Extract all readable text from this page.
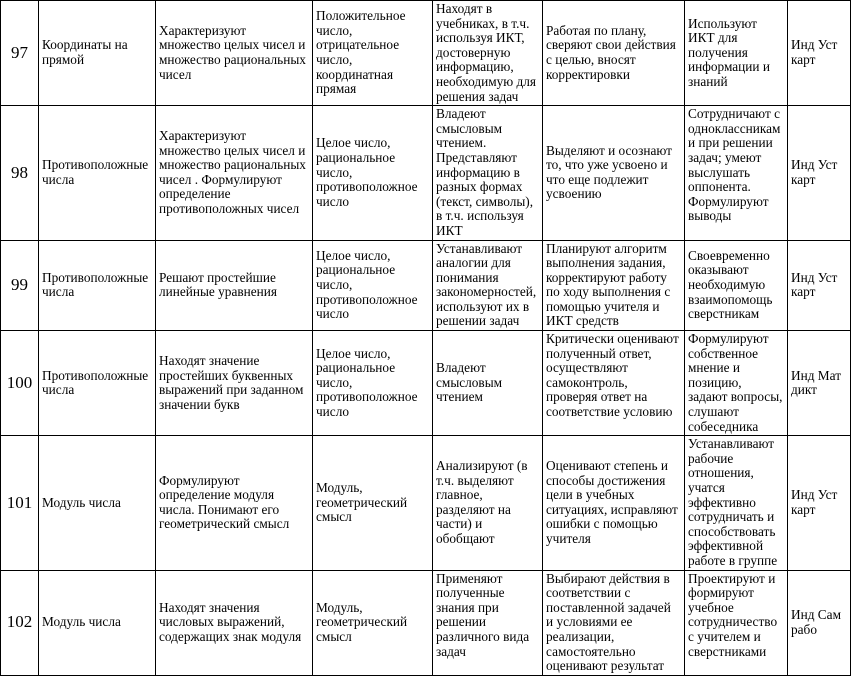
97	Координаты на прямой	Характеризуют множество целых чисел и множество рациональных чисел	Положительное число, отрицательное число, координатная прямая	Находят в учебниках, в т.ч. используя ИКТ, достоверную информацию, необходимую для решения задач	Работая по плану, сверяют свои действия с целью, вносят корректировки	Используют ИКТ для получения информации и знаний	Инд Уст карт
98	Противоположные числа	Характеризуют множество целых чисел и множество рациональных чисел . Формулируют определение противоположных чисел	Целое число, рациональное число, противоположное число	Владеют смысловым чтением. Представляют информацию в разных формах (текст, символы), в т.ч. используя ИКТ	Выделяют и осознают то, что уже усвоено и что еще подлежит усвоению	Сотрудничают с одноклассниками при решении задач; умеют выслушать оппонента. Формулируют выводы	Инд Уст карт
99	Противоположные числа	Решают простейшие линейные уравнения	Целое число, рациональное число, противоположное число	Устанавливают аналогии для понимания закономерностей, используют их в решении задач	Планируют алгоритм выполнения задания, корректируют работу по ходу выполнения с помощью учителя и ИКТ средств	Своевременно оказывают необходимую взаимопомощь сверстникам	Инд Уст карт
100	Противоположные числа	Находят значение простейших буквенных выражений при заданном значении букв	Целое число, рациональное число, противоположное число	Владеют смысловым чтением	Критически оценивают полученный ответ, осуществляют самоконтроль, проверяя ответ на соответствие условию	Формулируют собственное мнение и позицию, задают вопросы, слушают собеседника	Инд Мат дикт
101	Модуль числа	Формулируют определение модуля числа. Понимают его геометрический смысл	Модуль, геометрический смысл	Анализируют (в т.ч. выделяют главное, разделяют на части) и обобщают	Оценивают степень и способы достижения цели в учебных ситуациях, исправляют ошибки с помощью учителя	Устанавливают рабочие отношения, учатся эффективно сотрудничать и способствовать эффективной работе в группе	Инд Уст карт
102	Модуль числа	Находят значения числовых выражений, содержащих знак модуля	Модуль, геометрический смысл	Применяют полученные знания при решении различного вида задач	Выбирают действия в соответствии с поставленной задачей и условиями ее реализации, самостоятельно оценивают результат	Проектируют и формируют учебное сотрудничество с учителем и сверстниками	Инд Сам рабо
